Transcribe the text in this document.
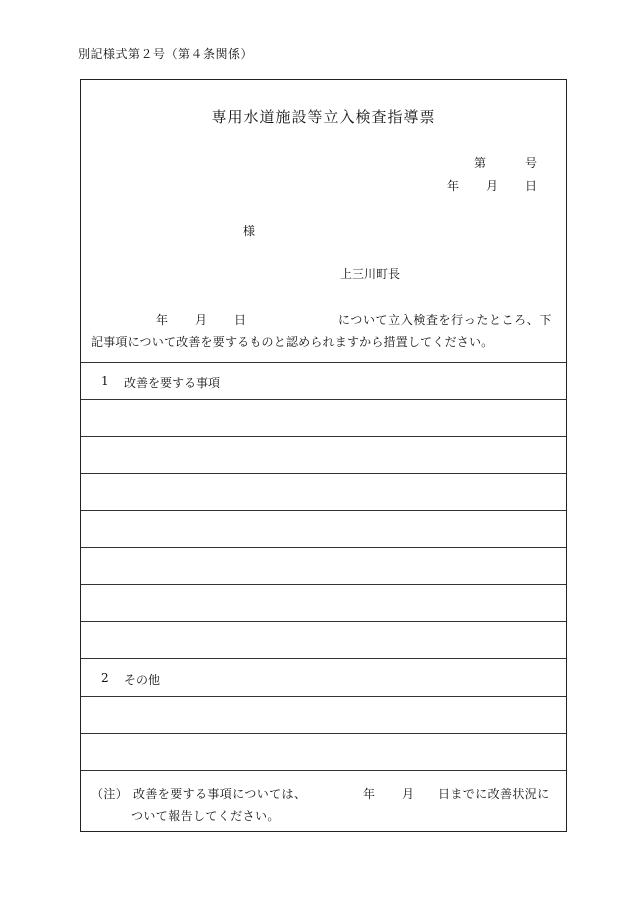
別記様式第２号（第４条関係）
専用水道施設等立入検査指導票
第	号
年 月 日
様
上三川町長
年 月 日	について立入検査を行ったところ、下
記事項について改善を要するものと認められますから措置してください。
1 改善を要する事項
2 その他
（注） 改善を要する事項については、	年 月 日までに改善状況に
ついて報告してください。
